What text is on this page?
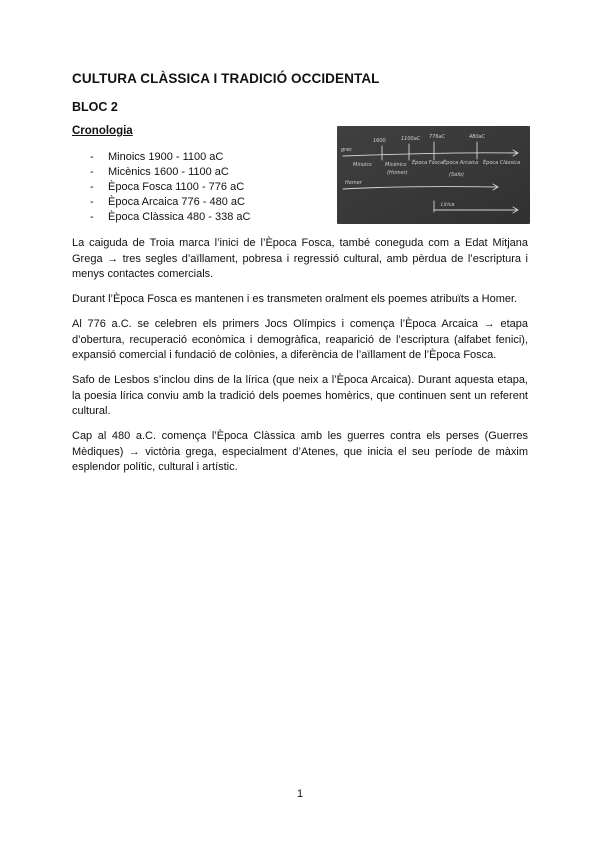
CULTURA CLÀSSICA I TRADICIÓ OCCIDENTAL
BLOC 2
Cronologia
- Minoics 1900 - 1100 aC
- Micènics 1600 - 1100 aC
- Època Fosca 1100 - 776 aC
- Època Arcaica 776 - 480 aC
- Època Clàssica 480 - 338 aC
grec
1600	1100aC 776aC	480aC
Minoics	Micènics Època Fosca Època Arcaica Època Clàssica
(Homer)	(Safo)
Homer
Lírica

La caiguda de Troia marca l’inici de l’Època Fosca, també coneguda com a Edat Mitjana Grega → tres segles d’aïllament, pobresa i regressió cultural, amb pèrdua de l’escriptura i menys contactes comercials.

Durant l’Època Fosca es mantenen i es transmeten oralment els poemes atribuïts a Homer.

Al 776 a.C. se celebren els primers Jocs Olímpics i comença l’Època Arcaica → etapa d’obertura, recuperació econòmica i demogràfica, reaparició de l’escriptura (alfabet fenici), expansió comercial i fundació de colònies, a diferència de l’aïllament de l’Època Fosca.

Safo de Lesbos s’inclou dins de la lírica (que neix a l’Època Arcaica). Durant aquesta etapa, la poesia lírica conviu amb la tradició dels poemes homèrics, que continuen sent un referent cultural.

Cap al 480 a.C. comença l’Època Clàssica amb les guerres contra els perses (Guerres Mèdiques) → victòria grega, especialment d’Atenes, que inicia el seu període de màxim esplendor polític, cultural i artístic.

1
